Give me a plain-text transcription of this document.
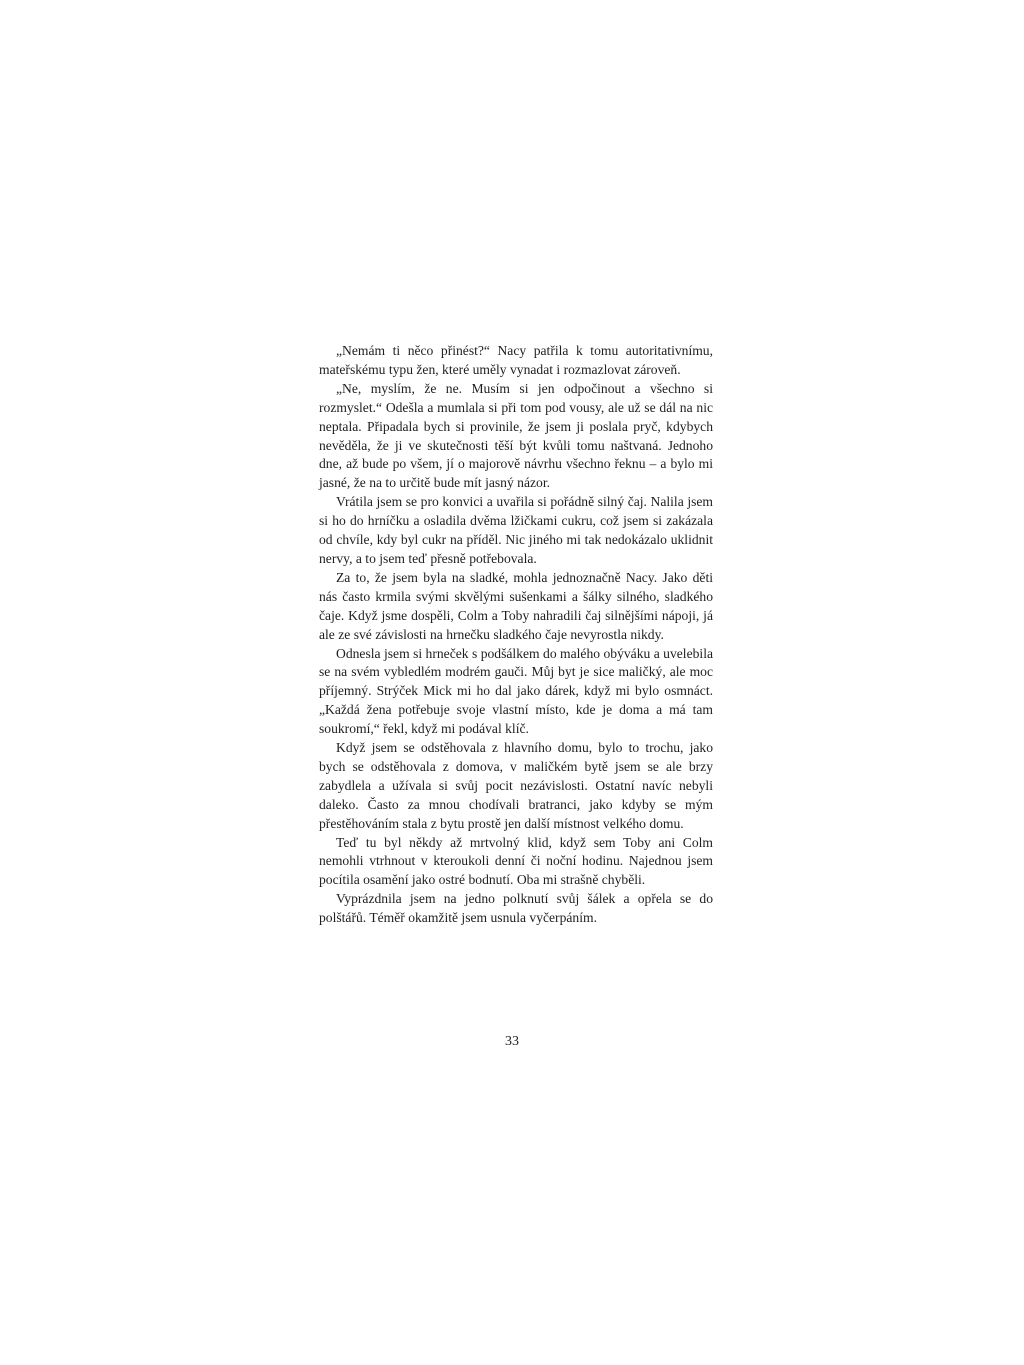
„Nemám ti něco přinést?“ Nacy patřila k tomu autoritativnímu, mateřskému typu žen, které uměly vynadat i rozmazlovat zároveň.

„Ne, myslím, že ne. Musím si jen odpočinout a všechno si rozmyslet.“ Odešla a mumlala si při tom pod vousy, ale už se dál na nic neptala. Připadala bych si provinile, že jsem ji poslala pryč, kdybych nevěděla, že ji ve skutečnosti těší být kvůli tomu naštvaná. Jednoho dne, až bude po všem, jí o majorově návrhu všechno řeknu – a bylo mi jasné, že na to určitě bude mít jasný názor.

Vrátila jsem se pro konvici a uvařila si pořádně silný čaj. Nalila jsem si ho do hrníčku a osladila dvěma lžičkami cukru, což jsem si zakázala od chvíle, kdy byl cukr na příděl. Nic jiného mi tak nedokázalo uklidnit nervy, a to jsem teď přesně potřebovala.

Za to, že jsem byla na sladké, mohla jednoznačně Nacy. Jako děti nás často krmila svými skvělými sušenkami a šálky silného, sladkého čaje. Když jsme dospěli, Colm a Toby nahradili čaj silnějšími nápoji, já ale ze své závislosti na hrnečku sladkého čaje nevyrostla nikdy.

Odnesla jsem si hrneček s podšálkem do malého obýváku a uvelebila se na svém vybledlém modrém gauči. Můj byt je sice maličký, ale moc příjemný. Strýček Mick mi ho dal jako dárek, když mi bylo osmnáct. „Každá žena potřebuje svoje vlastní místo, kde je doma a má tam soukromí,“ řekl, když mi podával klíč.

Když jsem se odstěhovala z hlavního domu, bylo to trochu, jako bych se odstěhovala z domova, v maličkém bytě jsem se ale brzy zabydlela a užívala si svůj pocit nezávislosti. Ostatní navíc nebyli daleko. Často za mnou chodívali bratranci, jako kdyby se mým přestěhováním stala z bytu prostě jen další místnost velkého domu.

Teď tu byl někdy až mrtvolný klid, když sem Toby ani Colm nemohli vtrhnout v kteroukoli denní či noční hodinu. Najednou jsem pocítila osamění jako ostré bodnutí. Oba mi strašně chyběli.

Vyprázdnila jsem na jedno polknutí svůj šálek a opřela se do polštářů. Téměř okamžitě jsem usnula vyčerpáním.

33
